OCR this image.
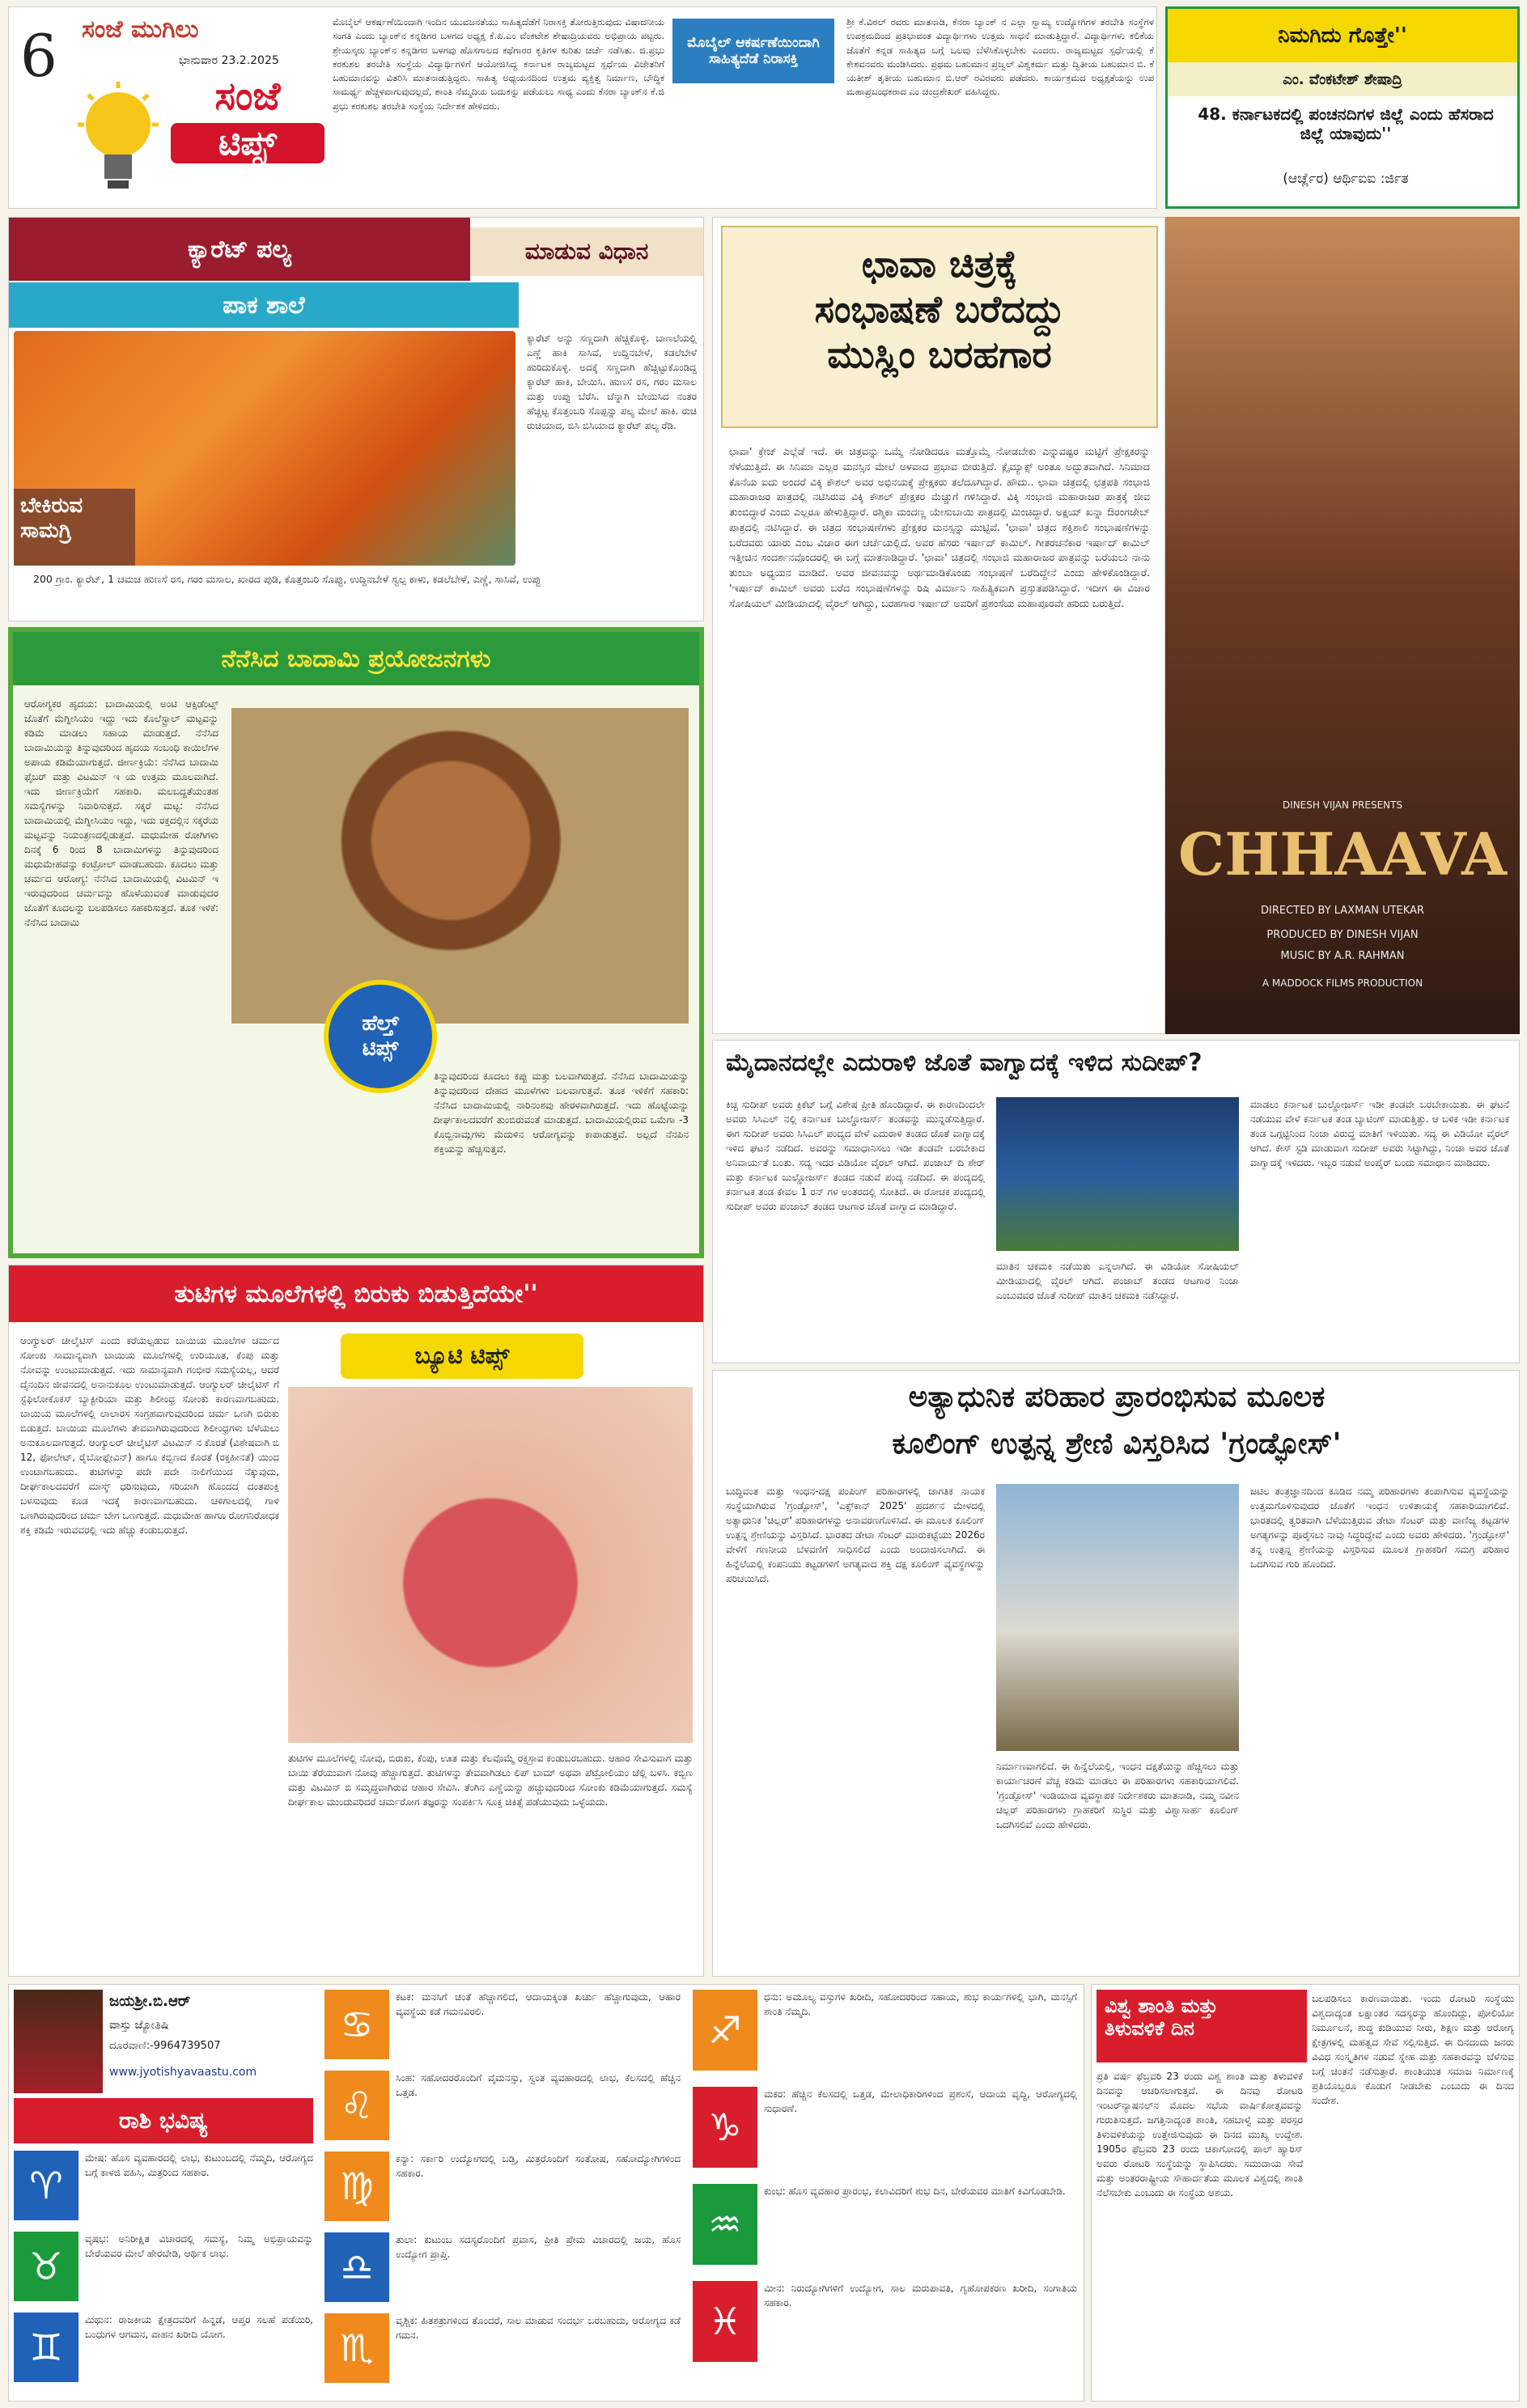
6	ಸಂಜೆ ಮುಗಿಲು
ಭಾನುವಾರ 23.2.2025
ಸಂಜೆ
ಟಿಪ್ಸ್
ಮೊಬೈಲ್ ಆಕರ್ಷಣೆಯಿಂದಾಗಿ ಇಂದಿನ ಯುವಜನತೆಯು ಸಾಹಿತ್ಯದೆಡೆಗೆ ನಿರಾಸಕ್ತಿ ತೋರುತ್ತಿರುವುದು ವಿಷಾದನೀಯ ಸಂಗತಿ ಎಂದು ಬ್ಯಾಂಕ್‌ನ ಕನ್ನಡಿಗರ ಬಳಗದ ಅಧ್ಯಕ್ಷ ಕೆ.ಪಿ.ಎಂ ವೆಂಕಟೇಶ ಶೇಷಾದ್ರಿಯವರು ಅಭಿಪ್ರಾಯ ಪಟ್ಟರು. ಶ್ರೇಯಸ್ಕರು ಬ್ಯಾಂಕ್‌ನ ಕನ್ನಡಿಗರ ಬಳಗವು ಹೊಸಗಾಲದ ಕಥೆಗಾರರ ಕೃತಿಗಳ ಕುರಿತು ಚರ್ಚೆ ನಡೆಸಿತು. ಜಿ.ಪ್ರಭು ಕರಕುಶಲ ತರಬೇತಿ ಸಂಸ್ಥೆಯ ವಿದ್ಯಾರ್ಥಿಗಳಿಗೆ ಆಯೋಜಿಸಿದ್ದ ಕರ್ನಾಟಕ ರಾಜ್ಯಮಟ್ಟದ ಸ್ಪರ್ಧೆಯ ವಿಜೇತರಿಗೆ ಬಹುಮಾನವನ್ನು ವಿತರಿಸಿ ಮಾತನಾಡುತ್ತಿದ್ದರು. ಸಾಹಿತ್ಯ ಅಧ್ಯಯನದಿಂದ ಉತ್ತಮ ವ್ಯಕ್ತಿತ್ವ ನಿರ್ಮಾಣ, ಬೌದ್ಧಿಕ ಸಾಮರ್ಥ್ಯ ಹೆಚ್ಚಳವಾಗುವುದಲ್ಲದೆ, ಶಾಂತಿ ನೆಮ್ಮದಿಯ ಬದುಕನ್ನು ಪಡೆಯಲು ಸಾಧ್ಯ ಎಂದು ಕೆನರಾ ಬ್ಯಾಂಕ್‌ನ ಕೆ.ಜಿ ಪ್ರಭು ಕರಕುಶಲ ತರಬೇತಿ ಸಂಸ್ಥೆಯ ನಿರ್ದೇಶಕ ಹೇಳಿದರು.
ಮೊಬೈಲ್ ಆಕರ್ಷಣೆಯಿಂದಾಗಿ ಸಾಹಿತ್ಯದೆಡೆ ನಿರಾಸಕ್ತಿ
ಶ್ರೀ ಕೆ.ವಿಠಲ್ ರವರು ಮಾತನಾಡಿ, ಕೆನರಾ ಬ್ಯಾಂಕ್ ನ ಎಲ್ಲಾ ಸ್ವಾಮ್ಯ ಉದ್ಯೋಗಿಗಳ ತರಬೇತಿ ಸಂಸ್ಥೆಗಳ ಉಪಕ್ರಮದಿಂದ ಪ್ರತಿಭಾವಂತ ವಿದ್ಯಾರ್ಥಿಗಳು ಉತ್ತಮ ಸಾಧನೆ ಮಾಡುತ್ತಿದ್ದಾರೆ. ವಿದ್ಯಾರ್ಥಿಗಳು ಕಲಿಕೆಯ ಜೊತೆಗೆ ಕನ್ನಡ ಸಾಹಿತ್ಯದ ಬಗ್ಗೆ ಒಲವು ಬೆಳೆಸಿಕೊಳ್ಳಬೇಕು ಎಂದರು. ರಾಜ್ಯಮಟ್ಟದ ಸ್ಪರ್ಧೆಯಲ್ಲಿ ಕೆ ಕೇಶವನವರು ಮಂಡಿಸಿದರು. ಪ್ರಥಮ ಬಹುಮಾನ ಪ್ರಜ್ವಲ್ ವಿಶ್ವಕರ್ಮ ಮತ್ತು ದ್ವಿತೀಯ ಬಹುಮಾನ ಬಿ. ಕೆ ಯತೀಶ್ ತೃತೀಯ ಬಹುಮಾನ ಬಿ.ಆರ್ ರವಿರವರು ಪಡೆದರು. ಕಾರ್ಯಕ್ರಮದ ಅಧ್ಯಕ್ಷತೆಯನ್ನು ಉಪ ಮಹಾಪ್ರಬಂಧಕರಾದ ಎಂ ಚಂದ್ರಶೇಖರ್ ವಹಿಸಿದ್ದರು.
ನಿಮಗಿದು ಗೊತ್ತೇ''
ಎಂ. ವೆಂಕಟೇಶ್ ಶೇಷಾದ್ರಿ
48. ಕರ್ನಾಟಕದಲ್ಲಿ ಪಂಚನದಿಗಳ ಜಿಲ್ಲೆ ಎಂದು ಹೆಸರಾದ ಜಿಲ್ಲೆ ಯಾವುದು''
(ಆರ್ಚ್ಲೆರ) ಆರ್ಥಿಐಐ :ರ್ಜಿತ
ಕ್ಯಾರೆಟ್ ಪಲ್ಯ	ಮಾಡುವ ವಿಧಾನ
ಪಾಕ ಶಾಲೆ
ಬೇಕಿರುವ
ಸಾಮಗ್ರಿ
ಕ್ಯಾರೆಟ್ ಅನ್ನು ಸಣ್ಣದಾಗಿ ಹೆಚ್ಚಿಕೊಳ್ಳಿ. ಬಾಣಲೆಯಲ್ಲಿ ಎಣ್ಣೆ ಹಾಕಿ ಸಾಸಿವೆ, ಉದ್ದಿನಬೇಳೆ, ಕಡಲೆಬೇಳೆ ಹುರಿದುಕೊಳ್ಳಿ. ಅದಕ್ಕೆ ಸಣ್ಣದಾಗಿ ಹೆಚ್ಚಿಟ್ಟುಕೊಂಡಿದ್ದ ಕ್ಯಾರೆಟ್ ಹಾಕಿ, ಬೇಯಿಸಿ. ಹುಣಸೆ ರಸ, ಗರಂ ಮಸಾಲ ಮತ್ತು ಉಪ್ಪು ಬೆರೆಸಿ. ಚೆನ್ನಾಗಿ ಬೇಯಿಸಿದ ನಂತರ ಹೆಚ್ಚಿಟ್ಟ ಕೊತ್ತಂಬರಿ ಸೊಪ್ಪನ್ನು ಪಲ್ಯ ಮೇಲೆ ಹಾಕಿ. ರುಚಿ ರುಚಿಯಾದ, ಬಿಸಿ ಬಿಸಿಯಾದ ಕ್ಯಾರೆಟ್ ಪಲ್ಯ ರೆಡಿ.
200 ಗ್ರಾಂ. ಕ್ಯಾರೆಟ್, 1 ಚಮಚ ಹುಣಸೆ ರಸ, ಗರಂ ಮಸಾಲ, ಖಾರದ ಪುಡಿ, ಕೊತ್ತಂಬರಿ ಸೊಪ್ಪು, ಉದ್ದಿನಬೇಳೆ ಸ್ವಲ್ಪ ಕಾಳು, ಕಡಲೆಬೇಳೆ, ಎಣ್ಣೆ, ಸಾಸಿವೆ, ಉಪ್ಪು
ನೆನೆಸಿದ ಬಾದಾಮಿ ಪ್ರಯೋಜನಗಳು
ಆರೋಗ್ಯಕರ ಹೃದಯ: ಬಾದಾಮಿಯಲ್ಲಿ ಅಂಟಿ ಆಕ್ಸಿಡೆಂಟ್ಸ್ ಜೊತೆಗೆ ಮೆಗ್ನೀಸಿಯಂ ಇದ್ದು ಇದು ಕೊಲೆಸ್ಟ್ರಾಲ್ ಮಟ್ಟವನ್ನು ಕಡಿಮೆ ಮಾಡಲು ಸಹಾಯ ಮಾಡುತ್ತದೆ. ನೆನೆಸಿದ ಬಾದಾಮಿಯನ್ನು ತಿನ್ನುವುದರಿಂದ ಹೃದಯ ಸಂಬಂಧಿ ಕಾಯಿಲೆಗಳ ಅಪಾಯ ಕಡಿಮೆಯಾಗುತ್ತದೆ. ಜೀರ್ಣಕ್ರಿಯೆ: ನೆನೆಸಿದ ಬಾದಾಮಿ ಫೈಬರ್ ಮತ್ತು ವಿಟಮಿನ್ ಇ ಯ ಉತ್ತಮ ಮೂಲವಾಗಿದೆ. ಇದು ಜೀರ್ಣಕ್ರಿಯೆಗೆ ಸಹಕಾರಿ. ಮಲಬದ್ಧತೆಯಂತಹ ಸಮಸ್ಯೆಗಳನ್ನು ನಿವಾರಿಸುತ್ತದೆ. ಸಕ್ಕರೆ ಮಟ್ಟ: ನೆನೆಸಿದ ಬಾದಾಮಿಯಲ್ಲಿ ಮೆಗ್ನೀಸಿಯಂ ಇದ್ದು, ಇದು ರಕ್ತದಲ್ಲಿನ ಸಕ್ಕರೆಯ ಮಟ್ಟವನ್ನು ನಿಯಂತ್ರಣದಲ್ಲಿಡುತ್ತದೆ. ಮಧುಮೇಹ ರೋಗಿಗಳು ದಿನಕ್ಕೆ 6 ರಿಂದ 8 ಬಾದಾಮಿಗಳನ್ನು ತಿನ್ನುವುದರಿಂದ ಮಧುಮೇಹವನ್ನು ಕಂಟ್ರೋಲ್ ಮಾಡಬಹುದು. ಕೂದಲು ಮತ್ತು ಚರ್ಮದ ಆರೋಗ್ಯ: ನೆನೆಸಿದ ಬಾದಾಮಿಯಲ್ಲಿ ವಿಟಮಿನ್ ಇ ಇರುವುದರಿಂದ ಚರ್ಮವನ್ನು ಹೊಳೆಯುವಂತೆ ಮಾಡುವುದರ ಜೊತೆಗೆ ಕೂದಲನ್ನು ಬಲಪಡಿಸಲು ಸಹಕರಿಸುತ್ತದೆ. ತೂಕ ಇಳಿಕೆ: ನೆನೆಸಿದ ಬಾದಾಮಿ
ಹೆಲ್ತ್
ಟಿಪ್ಸ್
ತಿನ್ನುವುದರಿಂದ ಕೂದಲು ಕಪ್ಪು ಮತ್ತು ಬಲವಾಗಿರುತ್ತದೆ. ನೆನೆಸಿದ ಬಾದಾಮಿಯನ್ನು ತಿನ್ನುವುದರಿಂದ ದೇಹದ ಮೂಳೆಗಳು ಬಲವಾಗುತ್ತವೆ. ತೂಕ ಇಳಿಕೆಗೆ ಸಹಕಾರಿ: ನೆನೆಸಿದ ಬಾದಾಮಿಯಲ್ಲಿ ನಾರಿನಂಶವು ಹೇರಳವಾಗಿರುತ್ತದೆ. ಇದು ಹೊಟ್ಟೆಯನ್ನು ದೀರ್ಘಕಾಲದವರೆಗೆ ತುಂಬಿರುವಂತೆ ಮಾಡುತ್ತದೆ. ಬಾದಾಮಿಯಲ್ಲಿರುವ ಒಮೆಗಾ -3 ಕೊಬ್ಬಿನಾಮ್ಲಗಳು ಮೆದುಳಿನ ಆರೋಗ್ಯವನ್ನು ಕಾಪಾಡುತ್ತವೆ. ಅಲ್ಲದೆ ನೆನಪಿನ ಶಕ್ತಿಯನ್ನು ಹೆಚ್ಚಿಸುತ್ತವೆ.
ತುಟಿಗಳ ಮೂಲೆಗಳಲ್ಲಿ ಬಿರುಕು ಬಿಡುತ್ತಿದೆಯೇ''
ಬ್ಯೂಟಿ ಟಿಪ್ಸ್
ಆಂಗ್ಯುಲರ್ ಚೀಲೈಟಿಸ್ ಎಂದು ಕರೆಯಲ್ಪಡುವ ಬಾಯಿಯ ಮೂಲೆಗಳ ಚರ್ಮದ ಸೋಂಕು ಸಾಮಾನ್ಯವಾಗಿ ಬಾಯಿಯ ಮೂಲೆಗಳಲ್ಲಿ ಉರಿಯೂತ, ಕೆಂಪು ಮತ್ತು ನೋವನ್ನು ಉಂಟುಮಾಡುತ್ತದೆ. ಇದು ಸಾಮಾನ್ಯವಾಗಿ ಗಂಭೀರ ಸಮಸ್ಯೆಯಲ್ಲ, ಆದರೆ ದೈನಂದಿನ ಜೀವನದಲ್ಲಿ ಅನಾನುಕೂಲ ಉಂಟುಮಾಡುತ್ತದೆ. ಆಂಗ್ಯುಲರ್ ಚೀಲೈಟಿಸ್ ಗೆ ಸ್ಟೆಫಿಲೋಕೊಕಸ್ ಬ್ಯಾಕ್ಟೀರಿಯಾ ಮತ್ತು ಶಿಲೀಂಧ್ರ ಸೋಂಕು ಕಾರಣವಾಗಬಹುದು. ಬಾಯಿಯ ಮೂಲೆಗಳಲ್ಲಿ ಲಾಲಾರಸ ಸಂಗ್ರಹವಾಗುವುದರಿಂದ ಚರ್ಮ ಒಣಗಿ ಬಿರುಕು ಬಿಡುತ್ತದೆ. ಬಾಯಿಯ ಮೂಲೆಗಳು ತೇವವಾಗಿರುವುದರಿಂದ ಶಿಲೀಂಧ್ರಗಳು ಬೆಳೆಯಲು ಅನುಕೂಲವಾಗುತ್ತದೆ. ಆಂಗ್ಯುಲರ್ ಚೀಲೈಟಿಸ್ ವಿಟಮಿನ್ ನ ಕೊರತೆ (ವಿಶೇಷವಾಗಿ ಬಿ 12, ಫೋಲೇಟ್, ರೈಬೋಫ್ಲೇವಿನ್) ಹಾಗೂ ಕಬ್ಬಿಣದ ಕೊರತೆ (ರಕ್ತಹೀನತೆ) ಯಿಂದ ಉಂಟಾಗಬಹುದು. ತುಟಿಗಳನ್ನು ಪದೇ ಪದೇ ನಾಲಿಗೆಯಿಂದ ನೆಕ್ಕುವುದು, ದೀರ್ಘಕಾಲದವರೆಗೆ ಮಾಸ್ಕ್ ಧರಿಸುವುದು, ಸರಿಯಾಗಿ ಹೊಂದದ ದಂತಪಂಕ್ತಿ ಬಳಸುವುದು ಕೂಡ ಇದಕ್ಕೆ ಕಾರಣವಾಗಬಹುದು. ಚಳಿಗಾಲದಲ್ಲಿ ಗಾಳಿ ಒಣಗಿರುವುದರಿಂದ ಚರ್ಮ ಬೇಗ ಒಣಗುತ್ತದೆ. ಮಧುಮೇಹ ಹಾಗೂ ರೋಗನಿರೋಧಕ ಶಕ್ತಿ ಕಡಿಮೆ ಇರುವವರಲ್ಲಿ ಇದು ಹೆಚ್ಚು ಕಂಡುಬರುತ್ತದೆ.
ತುಟಿಗಳ ಮೂಲೆಗಳಲ್ಲಿ ನೋವು, ಬಿರುಕು, ಕೆಂಪು, ಊತ ಮತ್ತು ಕೆಲವೊಮ್ಮೆ ರಕ್ತಸ್ರಾವ ಕಂಡುಬರಬಹುದು. ಆಹಾರ ಸೇವಿಸುವಾಗ ಮತ್ತು ಬಾಯಿ ತೆರೆಯುವಾಗ ನೋವು ಹೆಚ್ಚಾಗುತ್ತದೆ. ತುಟಿಗಳನ್ನು ತೇವವಾಗಿಡಲು ಲಿಪ್ ಬಾಮ್ ಅಥವಾ ಪೆಟ್ರೋಲಿಯಂ ಜೆಲ್ಲಿ ಬಳಸಿ. ಕಬ್ಬಿಣ ಮತ್ತು ವಿಟಮಿನ್ ಬಿ ಸಮೃದ್ಧವಾಗಿರುವ ಆಹಾರ ಸೇವಿಸಿ. ತೆಂಗಿನ ಎಣ್ಣೆಯನ್ನು ಹಚ್ಚುವುದರಿಂದ ಸೋಂಕು ಕಡಿಮೆಯಾಗುತ್ತದೆ. ಸಮಸ್ಯೆ ದೀರ್ಘಕಾಲ ಮುಂದುವರಿದರೆ ಚರ್ಮರೋಗ ತಜ್ಞರನ್ನು ಸಂಪರ್ಕಿಸಿ ಸೂಕ್ತ ಚಿಕಿತ್ಸೆ ಪಡೆಯುವುದು ಒಳ್ಳೆಯದು.
ಛಾವಾ ಚಿತ್ರಕ್ಕೆ
ಸಂಭಾಷಣೆ ಬರೆದದ್ದು
ಮುಸ್ಲಿಂ ಬರಹಗಾರ
ಛಾವಾ' ಕ್ರೇಜ್ ಎಲ್ಲೆಡೆ ಇದೆ. ಈ ಚಿತ್ರವನ್ನು ಒಮ್ಮೆ ನೋಡಿದರೂ ಮತ್ತೊಮ್ಮೆ ನೋಡಬೇಕು ಎನ್ನುವಷ್ಟರ ಮಟ್ಟಿಗೆ ಪ್ರೇಕ್ಷಕರನ್ನು ಸೆಳೆಯುತ್ತಿದೆ. ಈ ಸಿನಿಮಾ ಎಲ್ಲರ ಮನಸ್ಸಿನ ಮೇಲೆ ಅಳವಾದ ಪ್ರಭಾವ ಬೀರುತ್ತಿದೆ. ಕ್ಲೈಮ್ಯಾಕ್ಸ್ ಅಂತೂ ಅದ್ಭುತವಾಗಿದೆ. ಸಿನಿಮಾದ ಕೊನೆಯ ಐದು ಅಂದರೆ ವಿಕ್ಕಿ ಕೌಶಲ್ ಅವರ ಅಭಿನಯಕ್ಕೆ ಪ್ರೇಕ್ಷಕರು ತಲೆದೂಗಿದ್ದಾರೆ. ಹೌದು.. ಛಾವಾ ಚಿತ್ರದಲ್ಲಿ ಛತ್ರಪತಿ ಸಂಭಾಜಿ ಮಹಾರಾಜರ ಪಾತ್ರದಲ್ಲಿ ನಟಿಸಿರುವ ವಿಕ್ಕಿ ಕೌಶಲ್ ಪ್ರೇಕ್ಷಕರ ಮೆಚ್ಚುಗೆ ಗಳಿಸಿದ್ದಾರೆ. ವಿಕ್ಕಿ ಸಂಭಾಜಿ ಮಹಾರಾಜರ ಪಾತ್ರಕ್ಕೆ ಜೀವ ತುಂಬಿದ್ದಾರೆ ಎಂದು ಎಲ್ಲರೂ ಹೇಳುತ್ತಿದ್ದಾರೆ. ರಶ್ಮಿಕಾ ಮಂದಣ್ಣ ಯೇಸುಬಾಯಿ ಪಾತ್ರದಲ್ಲಿ ಮಿಂಚಿದ್ದಾರೆ. ಅಕ್ಷಯ್ ಖನ್ನಾ ಔರಂಗಜೇಬ್ ಪಾತ್ರದಲ್ಲಿ ನಟಿಸಿದ್ದಾರೆ. ಈ ಚಿತ್ರದ ಸಂಭಾಷಣೆಗಳು ಪ್ರೇಕ್ಷಕರ ಮನಸ್ಸನ್ನು ಮುಟ್ಟಿವೆ. 'ಛಾವಾ' ಚಿತ್ರದ ಶಕ್ತಿಶಾಲಿ ಸಂಭಾಷಣೆಗಳನ್ನು ಬರೆದವರು ಯಾರು ಎಂಬ ವಿಚಾರ ಈಗ ಚರ್ಚೆಯಲ್ಲಿದೆ. ಅವರ ಹೆಸರು ಇರ್ಷಾದ್ ಕಾಮಿಲ್. ಗೀತರಚನೆಕಾರ ಇರ್ಷಾದ್ ಕಾಮಿಲ್ ಇತ್ತೀಚಿನ ಸಂದರ್ಶನವೊಂದರಲ್ಲಿ ಈ ಬಗ್ಗೆ ಮಾತನಾಡಿದ್ದಾರೆ. 'ಛಾವಾ' ಚಿತ್ರದಲ್ಲಿ ಸಂಭಾಜಿ ಮಹಾರಾಜರ ಪಾತ್ರವನ್ನು ಬರೆಯಲು ನಾನು ತುಂಬಾ ಅಧ್ಯಯನ ಮಾಡಿದೆ. ಅವರ ಜೀವನವನ್ನು ಅರ್ಥಮಾಡಿಕೊಂಡು ಸಂಭಾಷಣೆ ಬರೆದಿದ್ದೇನೆ ಎಂದು ಹೇಳಿಕೊಂಡಿದ್ದಾರೆ. 'ಇರ್ಷಾದ್ ಕಾಮಿಲ್ ಅವರು ಬರೆದ ಸಂಭಾಷಣೆಗಳನ್ನು ರಿಷಿ ವಿರ್ಮಾನಿ ಸಾಹಿತ್ಯಿಕವಾಗಿ ಪ್ರಸ್ತುತಪಡಿಸಿದ್ದಾರೆ. ಇದೀಗ ಈ ವಿಚಾರ ಸೋಷಿಯಲ್ ಮೀಡಿಯಾದಲ್ಲಿ ವೈರಲ್ ಆಗಿದ್ದು, ಬರಹಗಾರ ಇರ್ಷಾದ್ ಅವರಿಗೆ ಪ್ರಶಂಸೆಯ ಮಹಾಪೂರವೇ ಹರಿದು ಬರುತ್ತಿದೆ.
DINESH VIJAN PRESENTS
CHHAAVA
DIRECTED BY LAXMAN UTEKAR
PRODUCED BY DINESH VIJAN
MUSIC BY A.R. RAHMAN
A MADDOCK FILMS PRODUCTION
ಮೈದಾನದಲ್ಲೇ ಎದುರಾಳಿ ಜೊತೆ ವಾಗ್ವಾದಕ್ಕೆ ಇಳಿದ ಸುದೀಪ್?
ಕಿಚ್ಚ ಸುದೀಪ್ ಅವರು ಕ್ರಿಕೆಟ್ ಬಗ್ಗೆ ವಿಶೇಷ ಪ್ರೀತಿ ಹೊಂದಿದ್ದಾರೆ. ಈ ಕಾರಣದಿಂದಲೇ ಅವರು ಸಿಸಿಎಲ್ ನಲ್ಲಿ ಕರ್ನಾಟಕ ಬುಲ್ಡೋಜರ್ಸ್ ತಂಡವನ್ನು ಮುನ್ನಡೆಸುತ್ತಿದ್ದಾರೆ. ಈಗ ಸುದೀಪ್ ಅವರು ಸಿಸಿಎಲ್ ಪಂದ್ಯದ ವೇಳೆ ಎದುರಾಳಿ ತಂಡದ ಜೊತೆ ವಾಗ್ವಾದಕ್ಕೆ ಇಳಿದ ಘಟನೆ ನಡೆದಿದೆ. ಅವರನ್ನು ಸಮಾಧಾನಿಸಲು ಇಡೀ ತಂಡವೇ ಬರಬೇಕಾದ ಅನಿವಾರ್ಯತೆ ಬಂತು. ಸದ್ಯ ಇದರ ವಿಡಿಯೋ ವೈರಲ್ ಆಗಿದೆ. ಪಂಜಾಬ್ ದಿ ಶೇರ್ ಮತ್ತು ಕರ್ನಾಟಕ ಬುಲ್ಡೋಜರ್ಸ್ ತಂಡದ ನಡುವೆ ಪಂದ್ಯ ನಡೆದಿದೆ. ಈ ಪಂದ್ಯದಲ್ಲಿ ಕರ್ನಾಟಕ ತಂಡ ಕೇವಲ 1 ರನ್ ಗಳ ಅಂತರದಲ್ಲಿ ಸೋತಿದೆ. ಈ ರೋಚಕ ಪಂದ್ಯದಲ್ಲಿ ಸುದೀಪ್ ಅವರು ಪಂಜಾಬ್ ತಂಡದ ಆಟಗಾರ ಜೊತೆ ವಾಗ್ವಾದ ಮಾಡಿದ್ದಾರೆ.
ಮಾತಿನ ಚಕಮಕಿ ನಡೆಯಿತು ಎನ್ನಲಾಗಿದೆ. ಈ ವಿಡಿಯೋ ಸೋಷಿಯಲ್ ಮೀಡಿಯಾದಲ್ಲಿ ವೈರಲ್ ಆಗಿದೆ. ಪಂಜಾಬ್ ತಂಡದ ಆಟಗಾರ ನಿಂಜಾ ಎಂಬುವವರ ಜೊತೆ ಸುದೀಪ್ ಮಾತಿನ ಚಕಮಕಿ ನಡೆಸಿದ್ದಾರೆ.
ಮಾಡಲು ಕರ್ನಾಟಕ ಬುಲ್ಡೋಜರ್ಸ್ ಇಡೀ ತಂಡವೇ ಬರಬೇಕಾಯಿತು. ಈ ಘಟನೆ ನಡೆಯುವ ವೇಳೆ ಕರ್ನಾಟಕ ತಂಡ ಬ್ಯಾಟಿಂಗ್ ಮಾಡುತ್ತಿತ್ತು. ಆ ಬಳಿಕ ಇಡೀ ಕರ್ನಾಟಕ ತಂಡ ಒಗ್ಗಟ್ಟಿನಿಂದ ನಿಂಜಾ ವಿರುದ್ಧ ಮಾತಿಗೆ ಇಳಿಯಿತು. ಸದ್ಯ ಈ ವಿಡಿಯೋ ವೈರಲ್ ಆಗಿದೆ. ಕೇಸ್ ಸ್ಟಡಿ ಮಾಡುವಾಗ ಸುದೀಪ್ ಅವರು ಸಿಟ್ಟಾಗಿದ್ದು, ನಿಂಜಾ ಅವರ ಜೊತೆ ವಾಗ್ವಾದಕ್ಕೆ ಇಳಿದರು. ಇಬ್ಬರ ನಡುವೆ ಅಂಪೈರ್ ಬಂದು ಸಮಾಧಾನ ಮಾಡಿದರು.
ಅತ್ಯಾಧುನಿಕ ಪರಿಹಾರ ಪ್ರಾರಂಭಿಸುವ ಮೂಲಕ
ಕೂಲಿಂಗ್ ಉತ್ಪನ್ನ ಶ್ರೇಣಿ ವಿಸ್ತರಿಸಿದ 'ಗ್ರಂಡ್ಫೋಸ್'
ಬುದ್ಧಿವಂತ ಮತ್ತು ಇಂಧನ-ದಕ್ಷ ಪಂಪಿಂಗ್ ಪರಿಹಾರಗಳಲ್ಲಿ ಜಾಗತಿಕ ನಾಯಕ ಸಂಸ್ಥೆಯಾಗಿರುವ 'ಗ್ರಂಡ್ಫೋಸ್', 'ಎಕ್ಸ್‌ಕಾನ್ 2025' ಪ್ರದರ್ಶನ ಮೇಳದಲ್ಲಿ ಅತ್ಯಾಧುನಿಕ 'ಚಿಲ್ಲರ್' ಪರಿಹಾರಗಳನ್ನು ಅನಾವರಣಗೊಳಿಸಿದೆ. ಈ ಮೂಲಕ ಕೂಲಿಂಗ್ ಉತ್ಪನ್ನ ಶ್ರೇಣಿಯನ್ನು ವಿಸ್ತರಿಸಿದೆ. ಭಾರತದ ಡೇಟಾ ಸೆಂಟರ್ ಮಾರುಕಟ್ಟೆಯು 2026ರ ವೇಳೆಗೆ ಗಣನೀಯ ಬೆಳವಣಿಗೆ ಸಾಧಿಸಲಿದೆ ಎಂದು ಅಂದಾಜಿಸಲಾಗಿದೆ. ಈ ಹಿನ್ನೆಲೆಯಲ್ಲಿ ಕಂಪನಿಯು ಕಟ್ಟಡಗಳಿಗೆ ಅಗತ್ಯವಾದ ಶಕ್ತಿ ದಕ್ಷ ಕೂಲಿಂಗ್ ವ್ಯವಸ್ಥೆಗಳನ್ನು ಪರಿಚಯಿಸಿದೆ.
ನಿರ್ಮಾಣವಾಗಲಿದೆ. ಈ ಹಿನ್ನೆಲೆಯಲ್ಲಿ, ಇಂಧನ ದಕ್ಷತೆಯನ್ನು ಹೆಚ್ಚಿಸಲು ಮತ್ತು ಕಾರ್ಯಾಚರಣೆ ವೆಚ್ಚ ಕಡಿಮೆ ಮಾಡಲು ಈ ಪರಿಹಾರಗಳು ಸಹಕಾರಿಯಾಗಲಿವೆ. 'ಗ್ರಂಡ್ಫೋಸ್' ಇಂಡಿಯಾದ ವ್ಯವಸ್ಥಾಪಕ ನಿರ್ದೇಶಕರು ಮಾತನಾಡಿ, ನಮ್ಮ ನವೀನ ಚಿಲ್ಲರ್ ಪರಿಹಾರಗಳು ಗ್ರಾಹಕರಿಗೆ ಸುಸ್ಥಿರ ಮತ್ತು ವಿಶ್ವಾಸಾರ್ಹ ಕೂಲಿಂಗ್ ಒದಗಿಸಲಿವೆ ಎಂದು ಹೇಳಿದರು.
ಜಟಿಲ ತಂತ್ರಜ್ಞಾನದಿಂದ ಕೂಡಿದ ನಮ್ಮ ಪರಿಹಾರಗಳು ತಂಪಾಗಿಸುವ ವ್ಯವಸ್ಥೆಯನ್ನು ಉತ್ತಮಗೊಳಿಸುವುದರ ಜೊತೆಗೆ ಇಂಧನ ಉಳಿತಾಯಕ್ಕೆ ಸಹಕಾರಿಯಾಗಲಿವೆ. ಭಾರತದಲ್ಲಿ ತ್ವರಿತವಾಗಿ ಬೆಳೆಯುತ್ತಿರುವ ಡೇಟಾ ಸೆಂಟರ್ ಮತ್ತು ವಾಣಿಜ್ಯ ಕಟ್ಟಡಗಳ ಅಗತ್ಯಗಳನ್ನು ಪೂರೈಸಲು ನಾವು ಸಿದ್ಧರಿದ್ದೇವೆ ಎಂದು ಅವರು ಹೇಳಿದರು. 'ಗ್ರಂಡ್ಫೋಸ್' ತನ್ನ ಉತ್ಪನ್ನ ಶ್ರೇಣಿಯನ್ನು ವಿಸ್ತರಿಸುವ ಮೂಲಕ ಗ್ರಾಹಕರಿಗೆ ಸಮಗ್ರ ಪರಿಹಾರ ಒದಗಿಸುವ ಗುರಿ ಹೊಂದಿದೆ.
ಜಯಶ್ರೀ.ಬಿ.ಆರ್
ವಾಸ್ತು ಜ್ಯೋತಿಷಿ
ದೂರವಾಣಿ:-9964739507
www.jyotishyavaastu.com
ರಾಶಿ ಭವಿಷ್ಯ
♈
ಮೇಷ: ಹೊಸ ವ್ಯವಹಾರದಲ್ಲಿ ಲಾಭ, ಕುಟುಂಬದಲ್ಲಿ ನೆಮ್ಮದಿ, ಆರೋಗ್ಯದ ಬಗ್ಗೆ ಕಾಳಜಿ ವಹಿಸಿ, ಮಿತ್ರರಿಂದ ಸಹಕಾರ.
♉
ವೃಷಭ: ಅನಿರೀಕ್ಷಿತ ವಿಚಾರದಲ್ಲಿ ಸಮಸ್ಯೆ, ನಿಮ್ಮ ಅಭಿಪ್ರಾಯವನ್ನು ಬೇರೆಯವರ ಮೇಲೆ ಹೇರಬೇಡಿ, ಆರ್ಥಿಕ ಲಾಭ.
♊
ಮಿಥುನ: ರಾಜಕೀಯ ಕ್ಷೇತ್ರದವರಿಗೆ ಹಿನ್ನಡೆ, ಆಪ್ತರ ಸಲಹೆ ಪಡೆಯಿರಿ, ಬಂಧುಗಳ ಆಗಮನ, ವಾಹನ ಖರೀದಿ ಯೋಗ.
♋
ಕಟಕ: ಮನಸಿಗೆ ಚಿಂತೆ ಹೆಚ್ಚಾಗಲಿದೆ, ಆದಾಯಕ್ಕಿಂತ ಖರ್ಚು ಹೆಚ್ಚಾಗುವುದು, ಆಹಾರ ವ್ಯವಸ್ಥೆಯ ಕಡೆ ಗಮನವಿರಲಿ.
♌
ಸಿಂಹ: ಸಹೋದರರೊಂದಿಗೆ ವೈಮನಸ್ಸು, ಸ್ವಂತ ವ್ಯವಹಾರದಲ್ಲಿ ಲಾಭ, ಕೆಲಸದಲ್ಲಿ ಹೆಚ್ಚಿನ ಒತ್ತಡ.
♍
ಕನ್ಯಾ: ಸರ್ಕಾರಿ ಉದ್ಯೋಗದಲ್ಲಿ ಬಡ್ತಿ, ಮಿತ್ರರೊಂದಿಗೆ ಸಂತೋಷ, ಸಹೋದ್ಯೋಗಿಗಳಿಂದ ಸಹಕಾರ.
♎
ತುಲಾ: ಕುಟುಂಬ ಸದಸ್ಯರೊಂದಿಗೆ ಪ್ರವಾಸ, ಪ್ರೀತಿ ಪ್ರೇಮ ವಿಚಾರದಲ್ಲಿ ಜಯ, ಹೊಸ ಉದ್ಯೋಗ ಪ್ರಾಪ್ತಿ.
♏
ವೃಶ್ಚಿಕ: ಹಿತಶತ್ರುಗಳಿಂದ ತೊಂದರೆ, ಸಾಲ ಮಾಡುವ ಸಂದರ್ಭ ಬರಬಹುದು, ಆರೋಗ್ಯದ ಕಡೆ ಗಮನ.
♐
ಧನು: ಅಮೂಲ್ಯ ವಸ್ತುಗಳ ಖರೀದಿ, ಸಹೋದರರಿಂದ ಸಹಾಯ, ಶುಭ ಕಾರ್ಯಗಳಲ್ಲಿ ಭಾಗಿ, ಮನಸ್ಸಿಗೆ ಶಾಂತಿ ನೆಮ್ಮದಿ.
♑
ಮಕರ: ಹೆಚ್ಚಿನ ಕೆಲಸದಲ್ಲಿ ಒತ್ತಡ, ಮೇಲಾಧಿಕಾರಿಗಳಿಂದ ಪ್ರಶಂಸೆ, ಆದಾಯ ವೃದ್ಧಿ, ಆರೋಗ್ಯದಲ್ಲಿ ಸುಧಾರಣೆ.
♒
ಕುಂಭ: ಹೊಸ ವ್ಯವಹಾರ ಪ್ರಾರಂಭ, ಕಲಾವಿದರಿಗೆ ಶುಭ ದಿನ, ಬೇರೆಯವರ ಮಾತಿಗೆ ಕಿವಿಗೊಡಬೇಡಿ.
♓
ಮೀನ: ನಿರುದ್ಯೋಗಿಗಳಿಗೆ ಉದ್ಯೋಗ, ಸಾಲ ಮರುಪಾವತಿ, ಗೃಹೋಪಕರಣ ಖರೀದಿ, ಸಂಗಾತಿಯ ಸಹಕಾರ.
ವಿಶ್ವ ಶಾಂತಿ ಮತ್ತು
ತಿಳುವಳಿಕೆ ದಿನ
ಪ್ರತಿ ವರ್ಷ ಫೆಬ್ರವರಿ 23 ರಂದು ವಿಶ್ವ ಶಾಂತಿ ಮತ್ತು ತಿಳುವಳಿಕೆ ದಿನವನ್ನು ಆಚರಿಸಲಾಗುತ್ತದೆ. ಈ ದಿನವು ರೋಟರಿ ಇಂಟರ್‌ನ್ಯಾಷನಲ್‌ನ ಮೊದಲ ಸಭೆಯ ವಾರ್ಷಿಕೋತ್ಸವವನ್ನು ಗುರುತಿಸುತ್ತದೆ. ಜಗತ್ತಿನಾದ್ಯಂತ ಶಾಂತಿ, ಸಹಬಾಳ್ವೆ ಮತ್ತು ಪರಸ್ಪರ ತಿಳುವಳಿಕೆಯನ್ನು ಉತ್ತೇಜಿಸುವುದು ಈ ದಿನದ ಮುಖ್ಯ ಉದ್ದೇಶ. 1905ರ ಫೆಬ್ರವರಿ 23 ರಂದು ಚಿಕಾಗೋದಲ್ಲಿ ಪಾಲ್ ಹ್ಯಾರಿಸ್ ಅವರು ರೋಟರಿ ಸಂಸ್ಥೆಯನ್ನು ಸ್ಥಾಪಿಸಿದರು. ಸಮುದಾಯ ಸೇವೆ ಮತ್ತು ಅಂತರರಾಷ್ಟ್ರೀಯ ಸೌಹಾರ್ದತೆಯ ಮೂಲಕ ವಿಶ್ವದಲ್ಲಿ ಶಾಂತಿ ನೆಲೆಸಬೇಕು ಎಂಬುದು ಈ ಸಂಸ್ಥೆಯ ಆಶಯ.
ಬಲಪಡಿಸಲು ಕಾರಣವಾಯಿತು. ಇಂದು ರೋಟರಿ ಸಂಸ್ಥೆಯು ವಿಶ್ವದಾದ್ಯಂತ ಲಕ್ಷಾಂತರ ಸದಸ್ಯರನ್ನು ಹೊಂದಿದ್ದು, ಪೋಲಿಯೋ ನಿರ್ಮೂಲನೆ, ಶುದ್ಧ ಕುಡಿಯುವ ನೀರು, ಶಿಕ್ಷಣ ಮತ್ತು ಆರೋಗ್ಯ ಕ್ಷೇತ್ರಗಳಲ್ಲಿ ಮಹತ್ವದ ಸೇವೆ ಸಲ್ಲಿಸುತ್ತಿದೆ. ಈ ದಿನದಂದು ಜನರು ವಿವಿಧ ಸಂಸ್ಕೃತಿಗಳ ನಡುವೆ ಸ್ನೇಹ ಮತ್ತು ಸಹಕಾರವನ್ನು ಬೆಳೆಸುವ ಬಗ್ಗೆ ಚಿಂತನೆ ನಡೆಸುತ್ತಾರೆ. ಶಾಂತಿಯುತ ಸಮಾಜ ನಿರ್ಮಾಣಕ್ಕೆ ಪ್ರತಿಯೊಬ್ಬರೂ ಕೊಡುಗೆ ನೀಡಬೇಕು ಎಂಬುದು ಈ ದಿನದ ಸಂದೇಶ.
